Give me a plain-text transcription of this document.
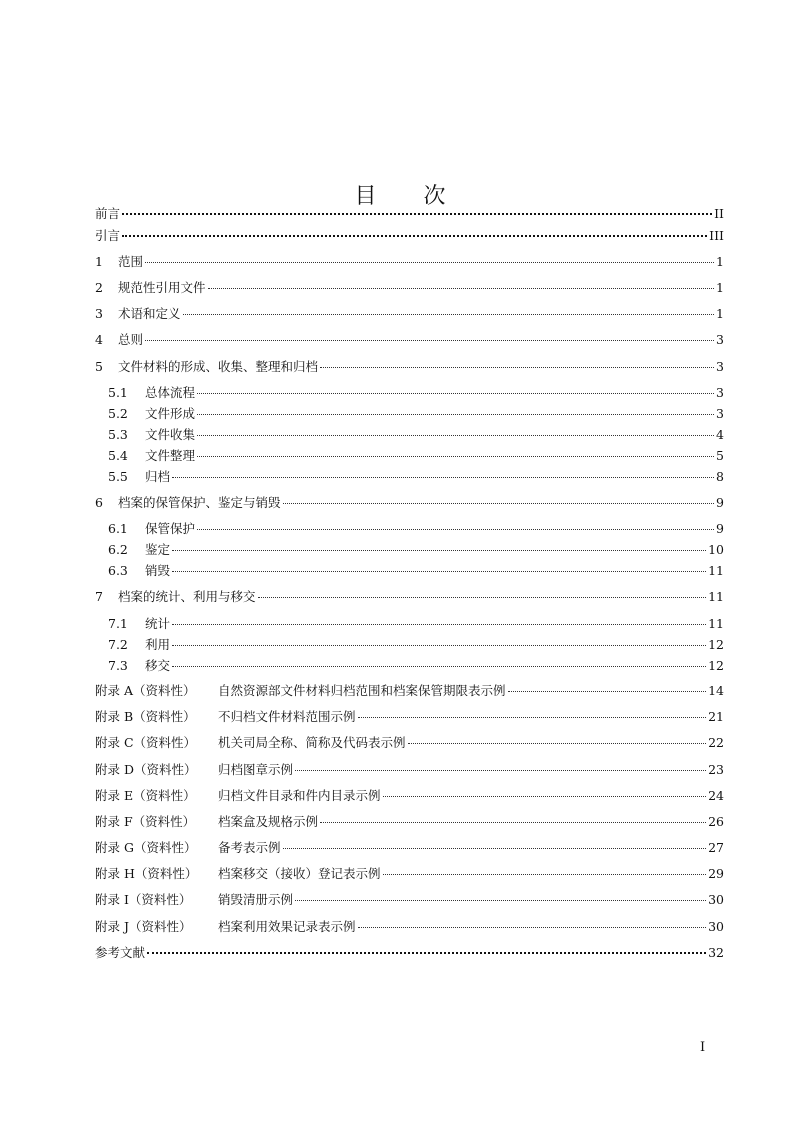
目 次
前言	II
引言	III
1	范围	1
2	规范性引用文件	1
3	术语和定义	1
4	总则	3
5	文件材料的形成、收集、整理和归档	3
5.1	总体流程	3
5.2	文件形成	3
5.3	文件收集	4
5.4	文件整理	5
5.5	归档	8
6	档案的保管保护、鉴定与销毁	9
6.1	保管保护	9
6.2	鉴定	10
6.3	销毁	11
7	档案的统计、利用与移交	11
7.1	统计	11
7.2	利用	12
7.3	移交	12
附录 A（资料性）	自然资源部文件材料归档范围和档案保管期限表示例	14
附录 B（资料性）	不归档文件材料范围示例	21
附录 C（资料性）	机关司局全称、简称及代码表示例	22
附录 D（资料性）	归档图章示例	23
附录 E（资料性）	归档文件目录和件内目录示例	24
附录 F（资料性）	档案盒及规格示例	26
附录 G（资料性）	备考表示例	27
附录 H（资料性）	档案移交（接收）登记表示例	29
附录 I（资料性）	销毁清册示例	30
附录 J（资料性）	档案利用效果记录表示例	30
参考文献	32
I
